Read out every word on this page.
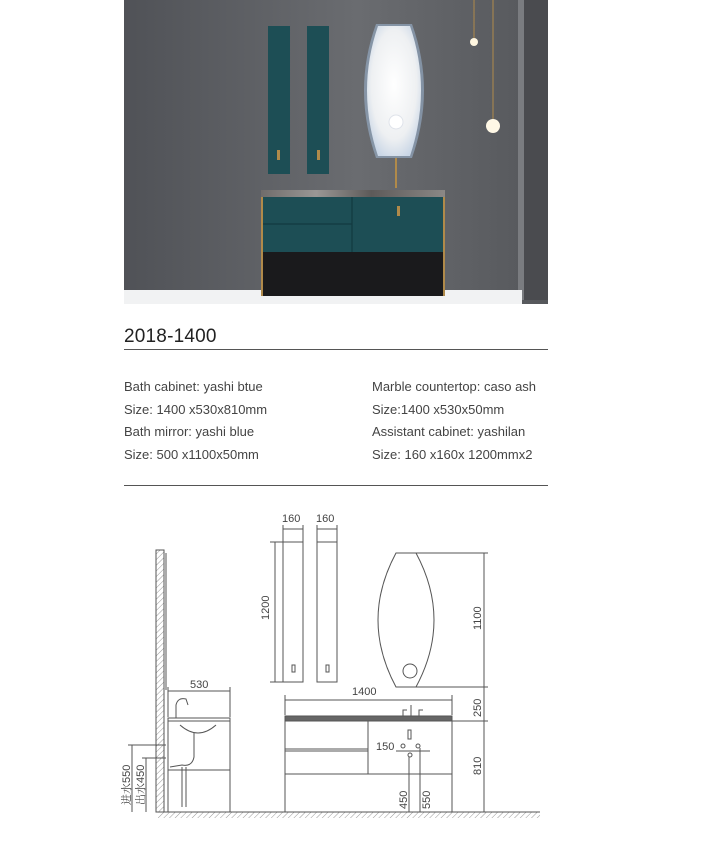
2018-1400
Bath cabinet: yashi btue
Size: 1400 x530x810mm
Bath mirror: yashi blue
Size: 500 x1100x50mm
Marble countertop: caso ash
Size:1400 x530x50mm
Assistant cabinet: yashilan
Size: 160 x160x 1200mmx2
530
进水550 出水450
160 160
1200	1100
1400
150
450 550
250
810
